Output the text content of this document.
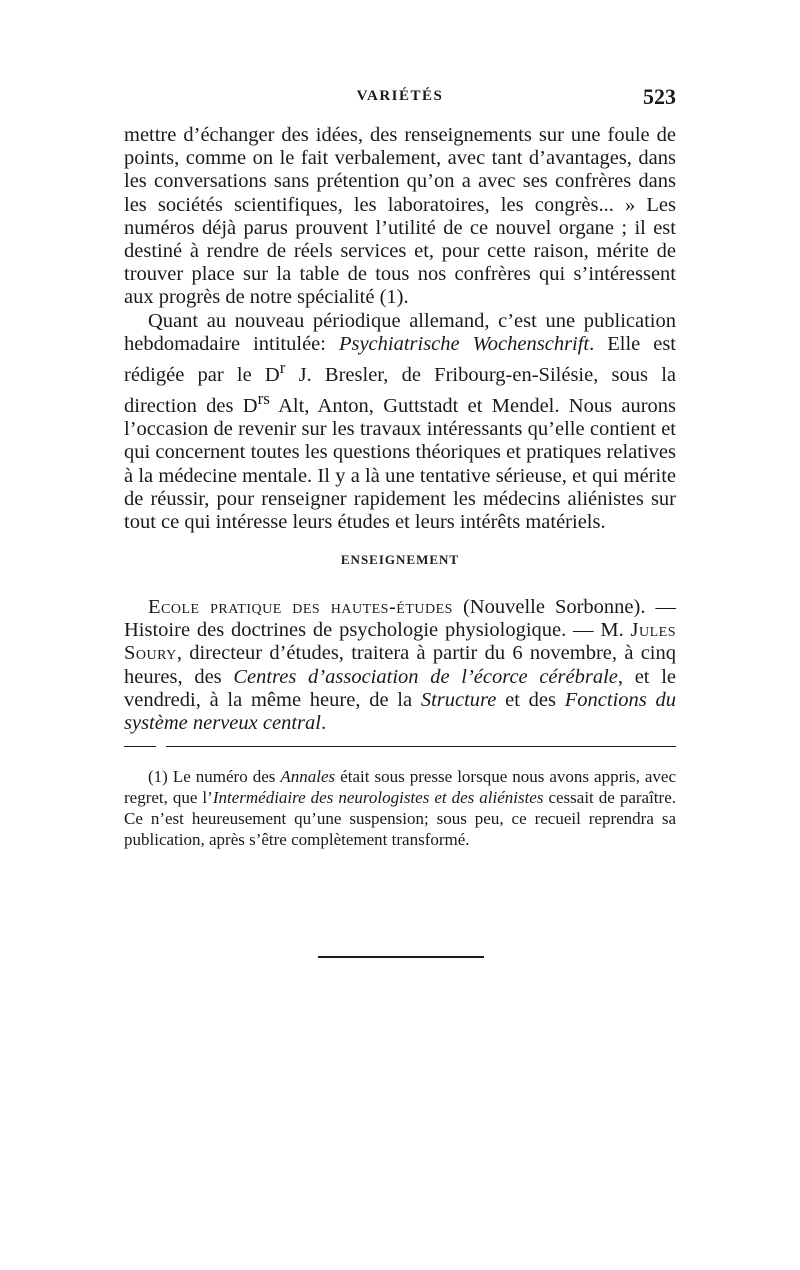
VARIÉTÉS	523

mettre d’échanger des idées, des renseignements sur une foule de points, comme on le fait verbalement, avec tant d’avantages, dans les conversations sans prétention qu’on a avec ses confrères dans les sociétés scientifiques, les laboratoires, les congrès... » Les numéros déjà parus prouvent l’utilité de ce nouvel organe ; il est destiné à rendre de réels services et, pour cette raison, mérite de trouver place sur la table de tous nos confrères qui s’intéressent aux progrès de notre spécialité (1).

Quant au nouveau périodique allemand, c’est une publication hebdomadaire intitulée: Psychiatrische Wochenschrift. Elle est rédigée par le $D^r$ J. Bresler, de Fribourg-en-Silésie, sous la direction des $D^{rs}$ Alt, Anton, Guttstadt et Mendel. Nous aurons l’occasion de revenir sur les travaux intéressants qu’elle contient et qui concernent toutes les questions théoriques et pratiques relatives à la médecine mentale. Il y a là une tentative sérieuse, et qui mérite de réussir, pour renseigner rapidement les médecins aliénistes sur tout ce qui intéresse leurs études et leurs intérêts matériels.

ENSEIGNEMENT

Ecole pratique des hautes-études (Nouvelle Sorbonne). — Histoire des doctrines de psychologie physiologique. — M. Jules Soury, directeur d’études, traitera à partir du 6 novembre, à cinq heures, des Centres d’association de l’écorce cérébrale, et le vendredi, à la même heure, de la Structure et des Fonctions du système nerveux central.

(1) Le numéro des Annales était sous presse lorsque nous avons appris, avec regret, que l’Intermédiaire des neurologistes et des aliénistes cessait de paraître. Ce n’est heureusement qu’une suspension; sous peu, ce recueil reprendra sa publication, après s’être complètement transformé.
